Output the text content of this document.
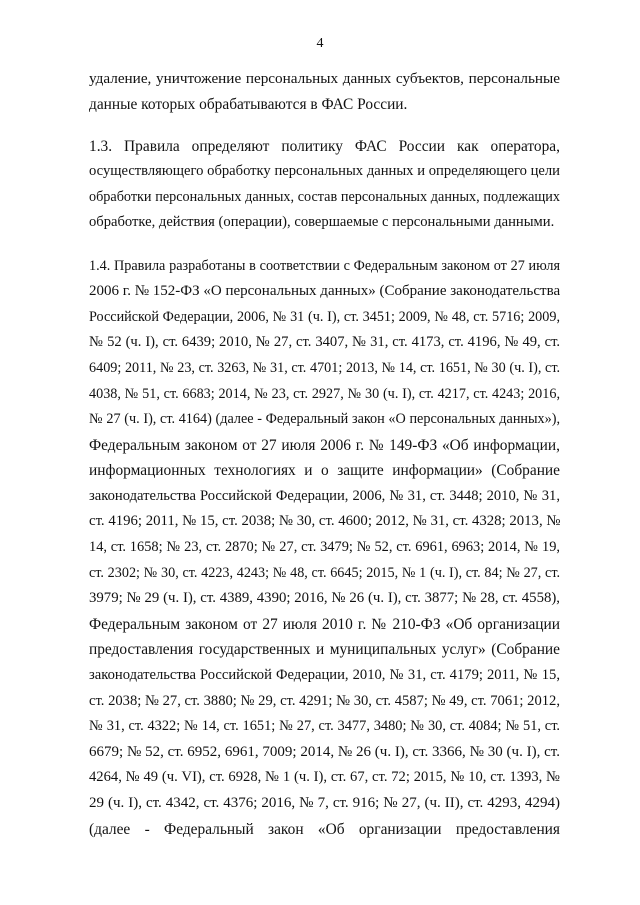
4
удаление, уничтожение персональных данных субъектов, персональные
данные которых обрабатываются в ФАС России.
1.3. Правила определяют политику ФАС России как оператора,
осуществляющего обработку персональных данных и определяющего цели
обработки персональных данных, состав персональных данных, подлежащих
обработке, действия (операции), совершаемые с персональными данными.
1.4. Правила разработаны в соответствии с Федеральным законом от 27 июля
2006 г. № 152-ФЗ «О персональных данных» (Собрание законодательства
Российской Федерации, 2006, № 31 (ч. I), ст. 3451; 2009, № 48, ст. 5716; 2009,
№ 52 (ч. I), ст. 6439; 2010, № 27, ст. 3407, № 31, ст. 4173, ст. 4196, № 49, ст.
6409; 2011, № 23, ст. 3263, № 31, ст. 4701; 2013, № 14, ст. 1651, № 30 (ч. I), ст.
4038, № 51, ст. 6683; 2014, № 23, ст. 2927, № 30 (ч. I), ст. 4217, ст. 4243; 2016,
№ 27 (ч. I), ст. 4164) (далее - Федеральный закон «О персональных данных»),
Федеральным законом от 27 июля 2006 г. № 149-ФЗ «Об информации,
информационных технологиях и о защите информации» (Собрание
законодательства Российской Федерации, 2006, № 31, ст. 3448; 2010, № 31,
ст. 4196; 2011, № 15, ст. 2038; № 30, ст. 4600; 2012, № 31, ст. 4328; 2013, №
14, ст. 1658; № 23, ст. 2870; № 27, ст. 3479; № 52, ст. 6961, 6963; 2014, № 19,
ст. 2302; № 30, ст. 4223, 4243; № 48, ст. 6645; 2015, № 1 (ч. I), ст. 84; № 27, ст.
3979; № 29 (ч. I), ст. 4389, 4390; 2016, № 26 (ч. I), ст. 3877; № 28, ст. 4558),
Федеральным законом от 27 июля 2010 г. № 210-ФЗ «Об организации
предоставления государственных и муниципальных услуг» (Собрание
законодательства Российской Федерации, 2010, № 31, ст. 4179; 2011, № 15,
ст. 2038; № 27, ст. 3880; № 29, ст. 4291; № 30, ст. 4587; № 49, ст. 7061; 2012,
№ 31, ст. 4322; № 14, ст. 1651; № 27, ст. 3477, 3480; № 30, ст. 4084; № 51, ст.
6679; № 52, ст. 6952, 6961, 7009; 2014, № 26 (ч. I), ст. 3366, № 30 (ч. I), ст.
4264, № 49 (ч. VI), ст. 6928, № 1 (ч. I), ст. 67, ст. 72; 2015, № 10, ст. 1393, №
29 (ч. I), ст. 4342, ст. 4376; 2016, № 7, ст. 916; № 27, (ч. II), ст. 4293, 4294)
(далее - Федеральный закон «Об организации предоставления
